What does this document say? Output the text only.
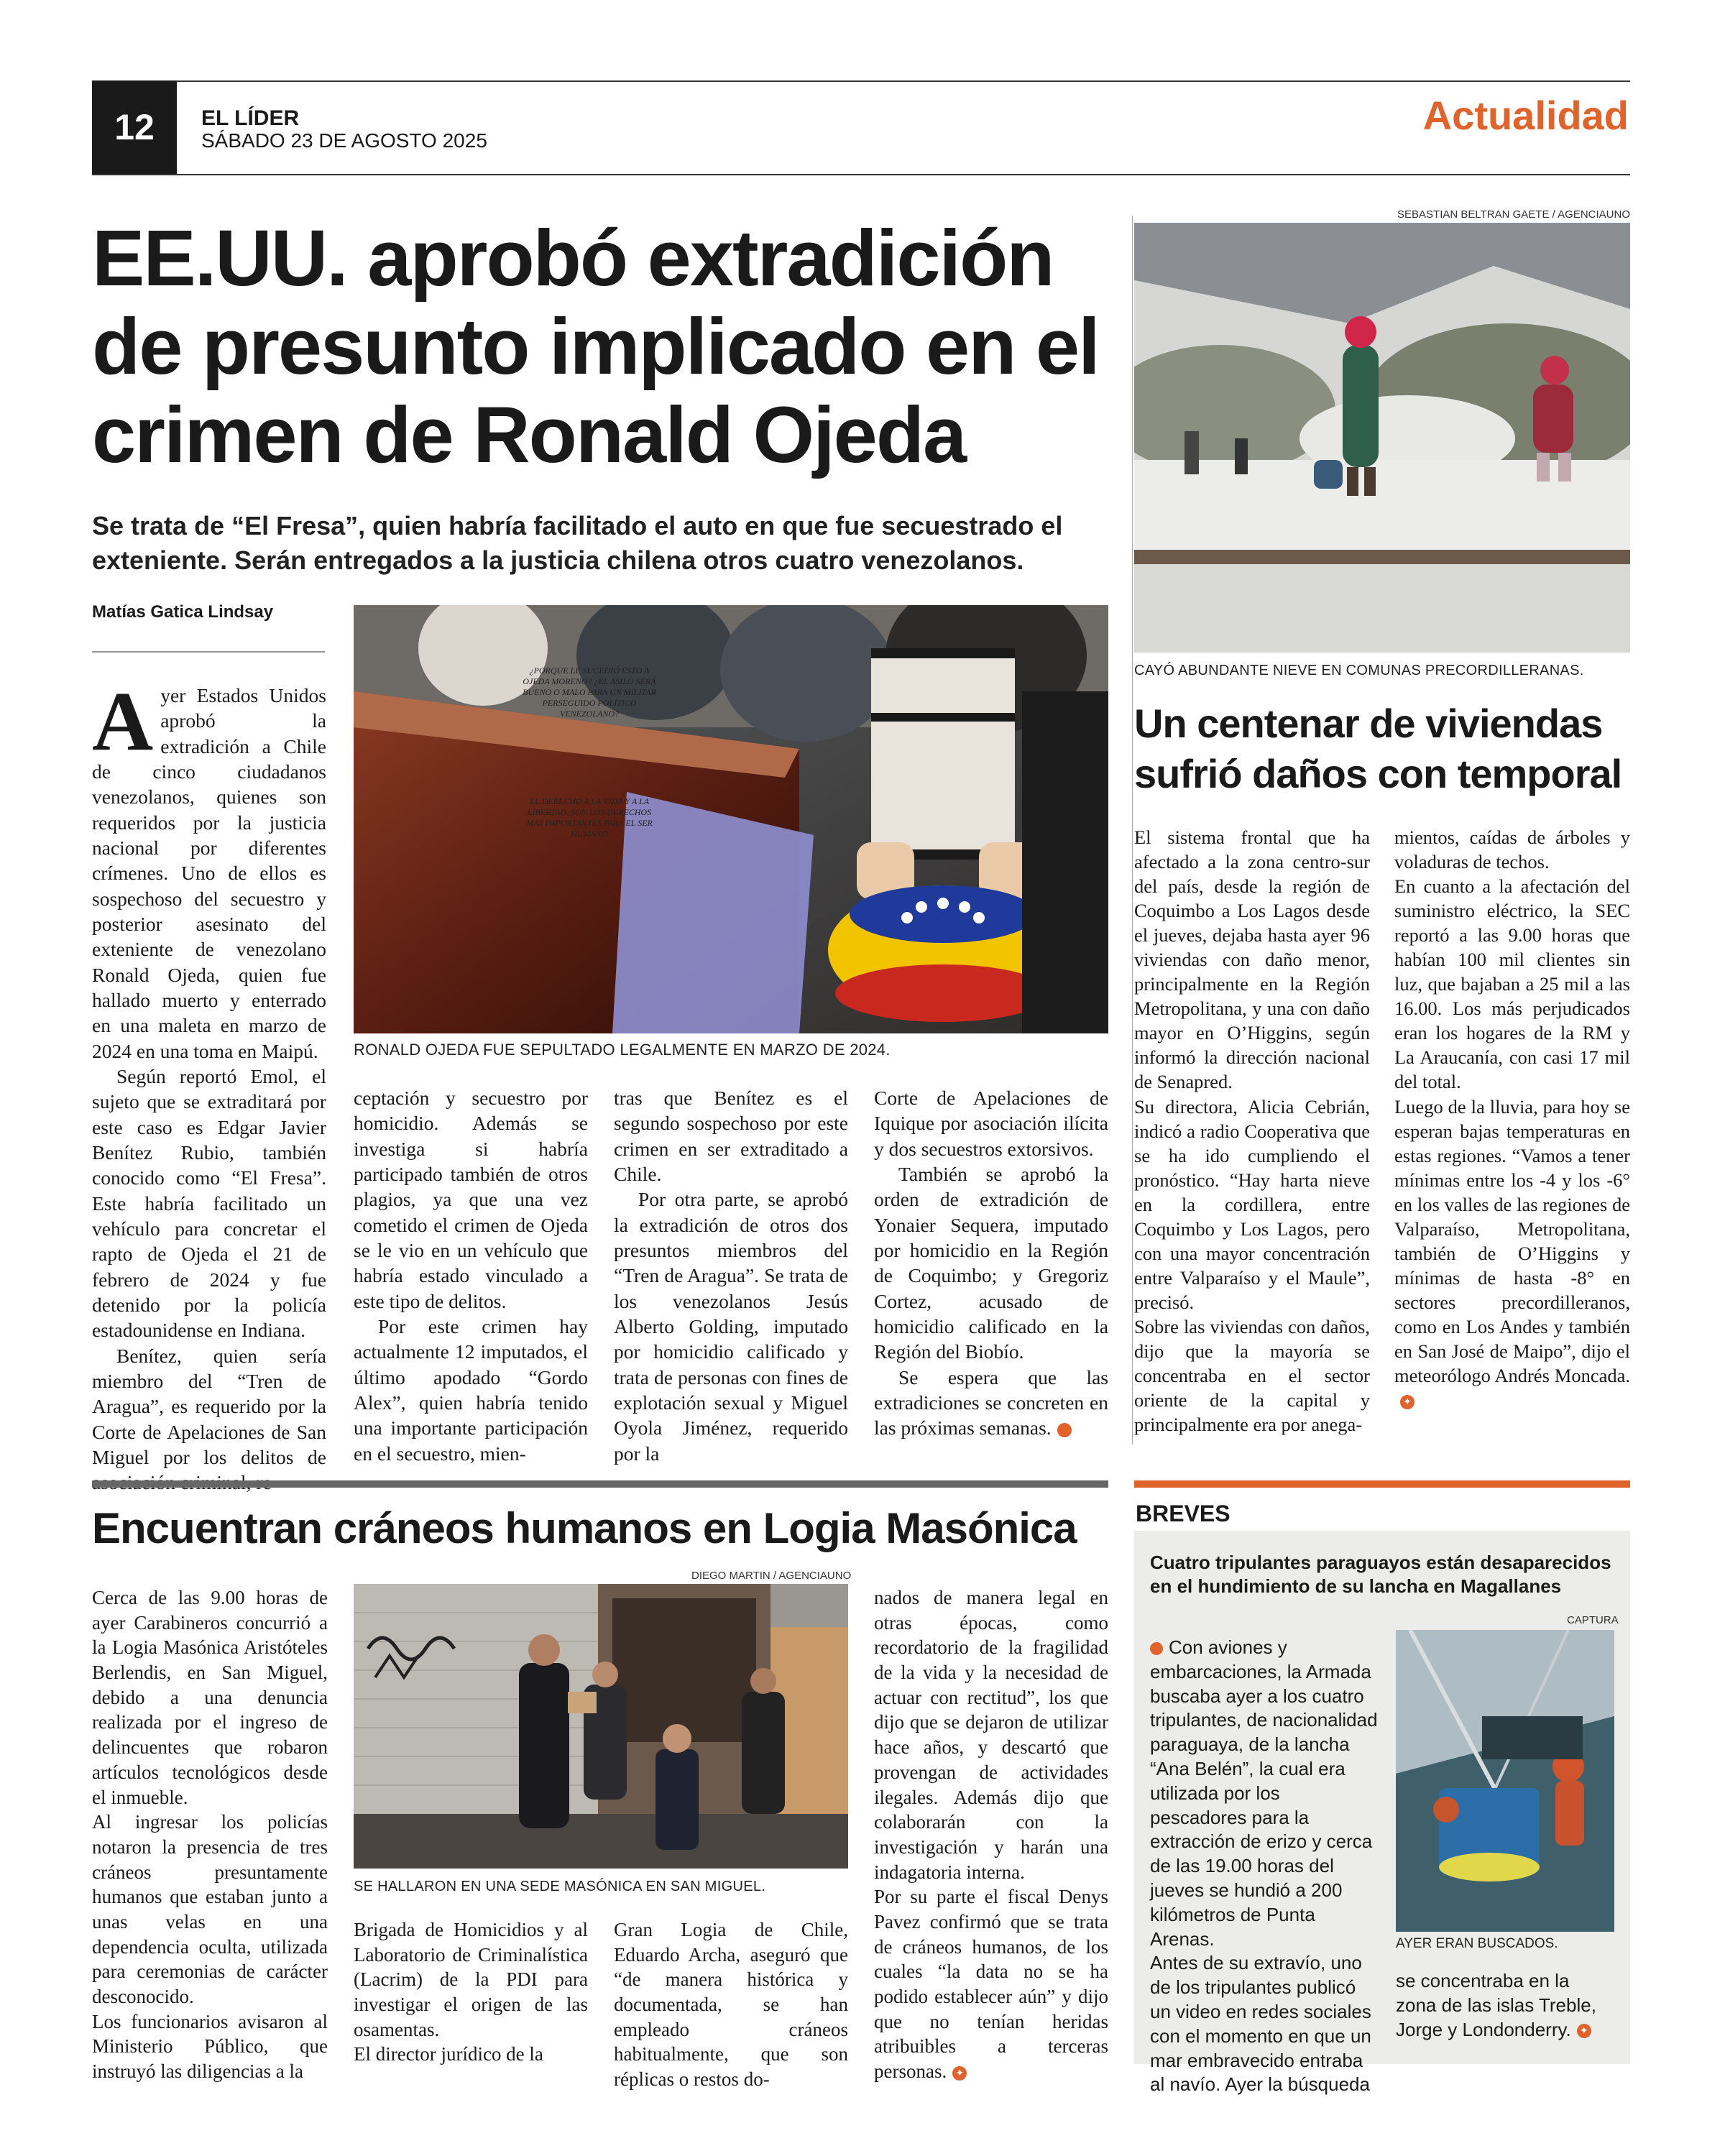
12	EL LÍDER
SÁBADO 23 DE AGOSTO 2025
Actualidad
EE.UU. aprobó extradición de presunto implicado en el crimen de Ronald Ojeda
Se trata de “El Fresa”, quien habría facilitado el auto en que fue secuestrado el exteniente. Serán entregados a la justicia chilena otros cuatro venezolanos.
Matías Gatica Lindsay
¿PORQUE LE SUCEDIÓ ESTO A OJEDA MORENO? ¿EL ASILO SERÁ BUENO O MALO PARA UN MILITAR PERSEGUIDO POLÍTICO VENEZOLANO?
EL DERECHO A LA VIDA Y A LA LIBERTAD, SON LOS DERECHOS MÁS IMPORTANTES PARA EL SER HUMANO
RONALD OJEDA FUE SEPULTADO LEGALMENTE EN MARZO DE 2024.

Ayer Estados Unidos aprobó la extradición a Chile de cinco ciudadanos venezolanos, quienes son requeridos por la justicia nacional por diferentes crímenes. Uno de ellos es sospechoso del secuestro y posterior asesinato del exteniente de venezolano Ronald Ojeda, quien fue hallado muerto y enterrado en una maleta en marzo de 2024 en una toma en Maipú.

Según reportó Emol, el sujeto que se extraditará por este caso es Edgar Javier Benítez Rubio, también conocido como “El Fresa”. Este habría facilitado un vehículo para concretar el rapto de Ojeda el 21 de febrero de 2024 y fue detenido por la policía estadounidense en Indiana.

Benítez, quien sería miembro del “Tren de Aragua”, es requerido por la Corte de Apelaciones de San Miguel por los delitos de

ceptación y secuestro por homicidio. Además se investiga si habría participado también de otros plagios, ya que una vez cometido el crimen de Ojeda se le vio en un vehículo que habría estado vinculado a este tipo de delitos.

Por este crimen hay actualmente 12 imputados, el último apodado “Gordo Alex”, quien habría tenido una importante participación en el secuestro, mien-

tras que Benítez es el segundo sospechoso por este crimen en ser extraditado a Chile.

Por otra parte, se aprobó la extradición de otros dos presuntos miembros del “Tren de Aragua”. Se trata de los venezolanos Jesús Alberto Golding, imputado por homicidio calificado y trata de personas con fines de explotación sexual y Miguel Oyola Jiménez, requerido por la

Corte de Apelaciones de Iquique por asociación ilícita y dos secuestros extorsivos.

También se aprobó la orden de extradición de Yonaier Sequera, imputado por homicidio en la Región de Coquimbo; y Gregoriz Cortez, acusado de homicidio calificado en la Región del Biobío.

Se espera que las extradiciones se concreten en las próximas semanas.	✦

SEBASTIAN BELTRAN GAETE / AGENCIAUNO
CAYÓ ABUNDANTE NIEVE EN COMUNAS PRECORDILLERANAS.
Un centenar de viviendas sufrió daños con temporal

El sistema frontal que ha afectado a la zona centro-sur del país, desde la región de Coquimbo a Los Lagos desde el jueves, dejaba hasta ayer 96 viviendas con daño menor, principalmente en la Región Metropolitana, y una con daño mayor en O’Higgins, según informó la dirección nacional de Senapred.

Su directora, Alicia Cebrián, indicó a radio Cooperativa que se ha ido cumpliendo el pronóstico. “Hay harta nieve en la cordillera, entre Coquimbo y Los Lagos, pero con una mayor concentración entre Valparaíso y el Maule”, precisó.

Sobre las viviendas con daños, dijo que la mayoría se concentraba en el sector oriente de la capital y principalmente era por anega-

mientos, caídas de árboles y voladuras de techos.

En cuanto a la afectación del suministro eléctrico, la SEC reportó a las 9.00 horas que habían 100 mil clientes sin luz, que bajaban a 25 mil a las 16.00. Los más perjudicados eran los hogares de la RM y La Araucanía, con casi 17 mil del total.

Luego de la lluvia, para hoy se esperan bajas temperaturas en estas regiones. “Vamos a tener mínimas entre los -4 y los -6° en los valles de las regiones de Valparaíso, Metropolitana, también de O’Higgins y mínimas de hasta -8° en sectores precordilleranos, como en Los Andes y también en San José de Maipo”, dijo el meteorólogo Andrés Moncada.✦

Encuentran cráneos humanos en Logia Masónica
DIEGO MARTIN / AGENCIAUNO
SE HALLARON EN UNA SEDE MASÓNICA EN SAN MIGUEL.

Cerca de las 9.00 horas de ayer Carabineros concurrió a la Logia Masónica Aristóteles Berlendis, en San Miguel, debido a una denuncia realizada por el ingreso de delincuentes que robaron artículos tecnológicos desde el inmueble.

Al ingresar los policías notaron la presencia de tres cráneos presuntamente humanos que estaban junto a unas velas en una dependencia oculta, utilizada para ceremonias de carácter desconocido.

Los funcionarios avisaron al Ministerio Público, que instruyó las diligencias a la

Brigada de Homicidios y al Laboratorio de Criminalística (Lacrim) de la PDI para investigar el origen de las osamentas.

El director jurídico de la

Gran Logia de Chile, Eduardo Archa, aseguró que “de manera histórica y documentada, se han empleado cráneos habitualmente, que son réplicas o restos do-

nados de manera legal en otras épocas, como recordatorio de la fragilidad de la vida y la necesidad de actuar con rectitud”, los que dijo que se dejaron de utilizar hace años, y descartó que provengan de actividades ilegales. Además dijo que colaborarán con la investigación y harán una indagatoria interna.

Por su parte el fiscal Denys Pavez confirmó que se trata de cráneos humanos, de los cuales “la data no se ha podido establecer aún” y dijo que no tenían heridas atribuibles a terceras personas. ✦

BREVES
Cuatro tripulantes paraguayos están desaparecidos en el hundimiento de su lancha en Magallanes
CAPTURA
AYER ERAN BUSCADOS.
Con aviones y embarcaciones, la Armada buscaba ayer a los cuatro tripulantes, de nacionalidad paraguaya, de la lancha “Ana Belén”, la cual era utilizada por los pescadores para la extracción de erizo y cerca de las 19.00 horas del jueves se hundió a 200 kilómetros de Punta Arenas.
Antes de su extravío, uno de los tripulantes publicó un video en redes sociales con el momento en que un mar embravecido entraba al navío. Ayer la búsqueda
se concentraba en la zona de las islas Treble, Jorge y Londonderry. ✦
